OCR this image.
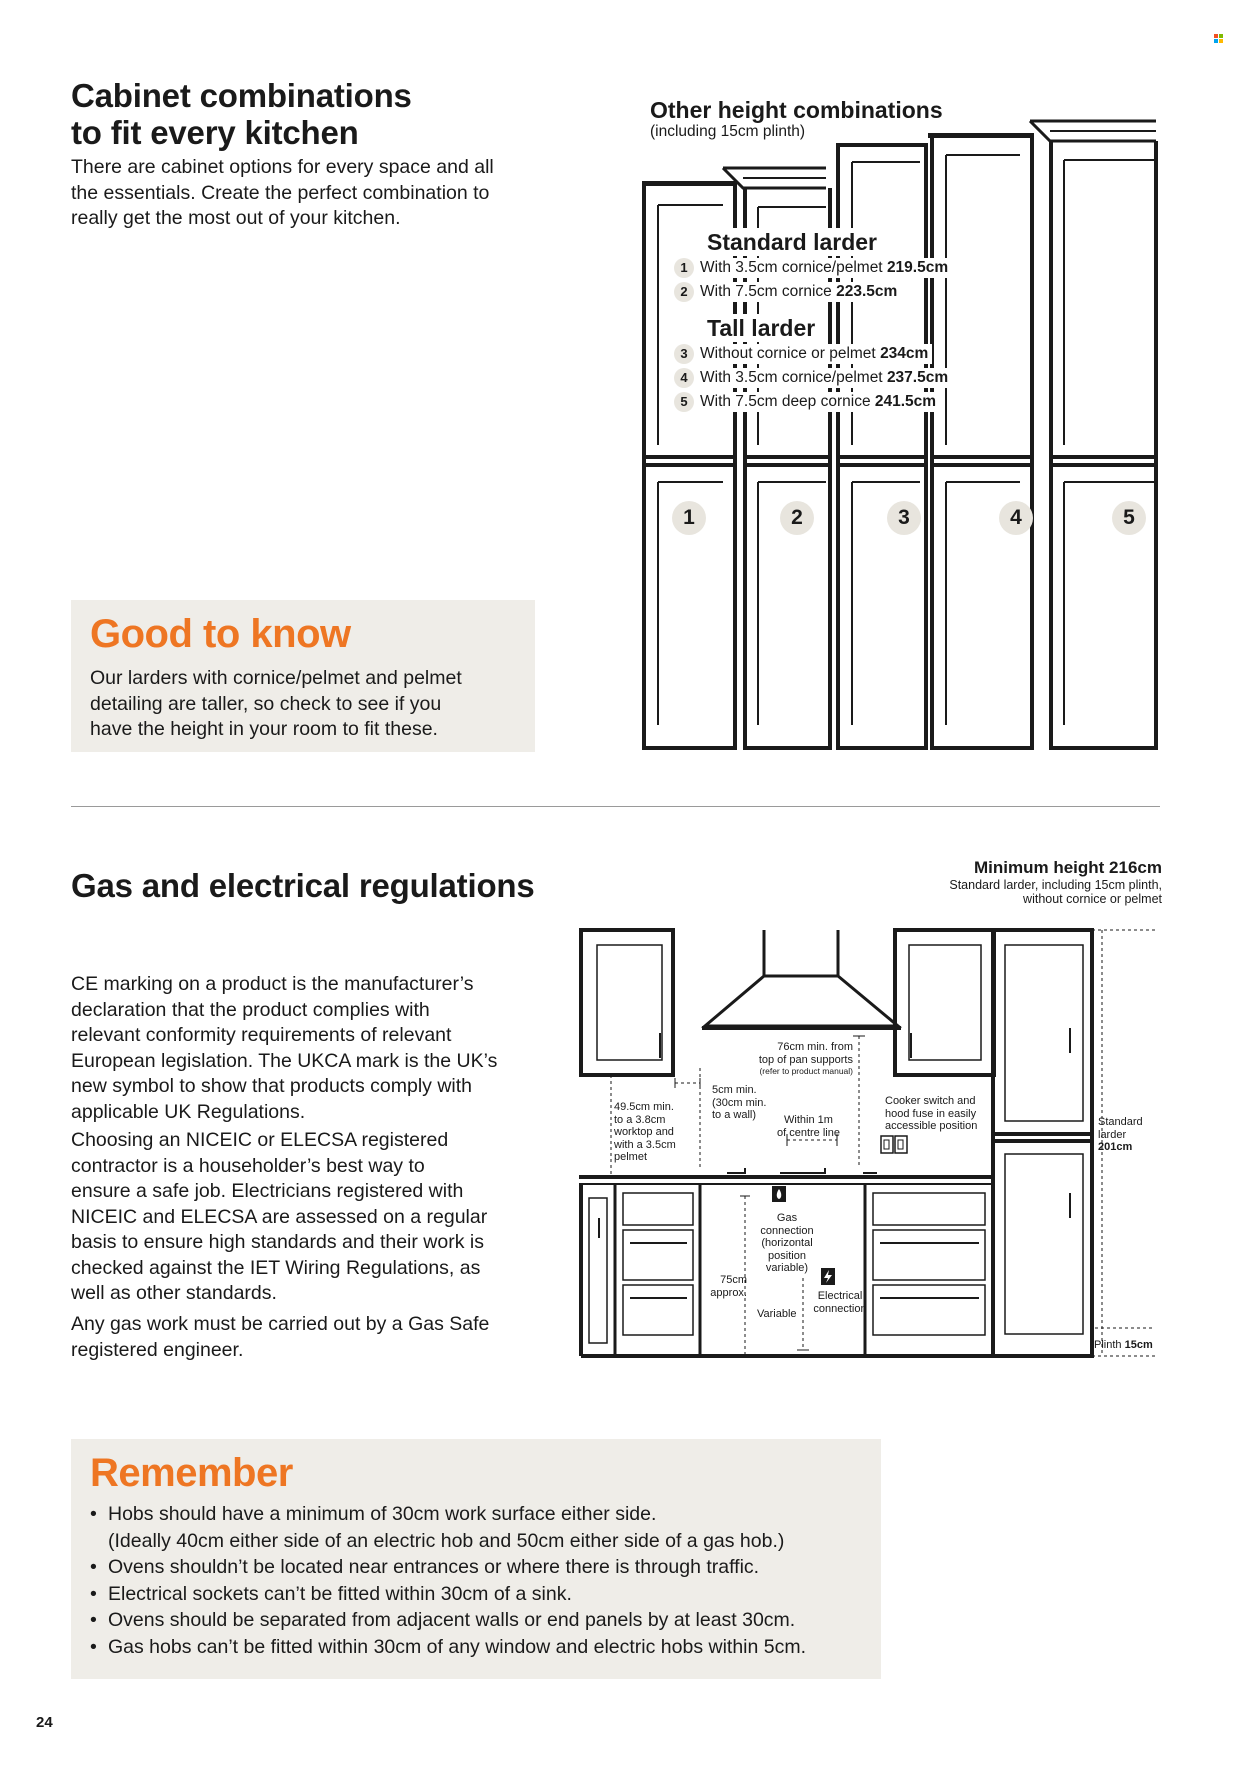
Cabinet combinations
to fit every kitchen
There are cabinet options for every space and all
the essentials. Create the perfect combination to
really get the most out of your kitchen.
Other height combinations
(including 15cm plinth)
Standard larder
1 With 3.5cm cornice/pelmet 219.5cm
2 With 7.5cm cornice 223.5cm
Tall larder
3 Without cornice or pelmet 234cm
4 With 3.5cm cornice/pelmet 237.5cm
5 With 7.5cm deep cornice 241.5cm
1	2	3	4	5
Good to know
Our larders with cornice/pelmet and pelmet
detailing are taller, so check to see if you
have the height in your room to fit these.
Gas and electrical regulations
CE marking on a product is the manufacturer’s
declaration that the product complies with
relevant conformity requirements of relevant
European legislation. The UKCA mark is the UK’s
new symbol to show that products comply with
applicable UK Regulations.
Choosing an NICEIC or ELECSA registered
contractor is a householder’s best way to
ensure a safe job. Electricians registered with
NICEIC and ELECSA are assessed on a regular
basis to ensure high standards and their work is
checked against the IET Wiring Regulations, as
well as other standards.
Any gas work must be carried out by a Gas Safe
registered engineer.
Minimum height 216cm
Standard larder, including 15cm plinth,
without cornice or pelmet
49.5cm min.
to a 3.8cm
worktop and
with a 3.5cm
pelmet
5cm min.
(30cm min.
to a wall)
76cm min. from
top of pan supports
(refer to product manual)
Within 1m
of centre line
Cooker switch and
hood fuse in easily
accessible position	Standard
larder
201cm
Gas
connection
(horizontal
position
variable)
75cm
approx.	Electrical
connection
Variable
Plinth 15cm
Remember
• Hobs should have a minimum of 30cm work surface either side.
(Ideally 40cm either side of an electric hob and 50cm either side of a gas hob.)
• Ovens shouldn’t be located near entrances or where there is through traffic.
• Electrical sockets can’t be fitted within 30cm of a sink.
• Ovens should be separated from adjacent walls or end panels by at least 30cm.
• Gas hobs can’t be fitted within 30cm of any window and electric hobs within 5cm.
24
